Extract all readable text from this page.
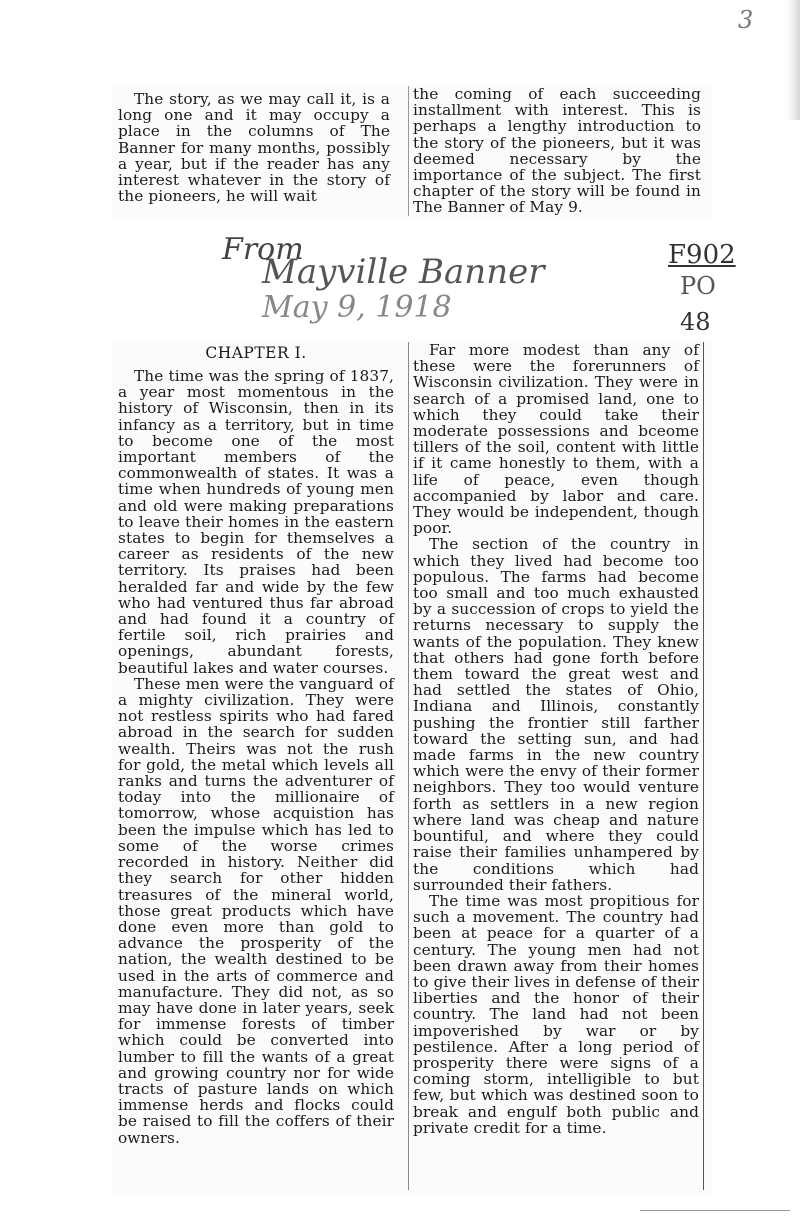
3

The story, as we may call it, is a long one and it may occupy a place in the columns of The Banner for many months, possibly a year, but if the reader has any interest whatever in the story of the pioneers, he will wait

the coming of each succeeding installment with interest. This is perhaps a lengthy introduction to the story of the pioneers, but it was deemed necessary by the importance of the subject. The first chapter of the story will be found in The Banner of May 9.

From
Mayville Banner
May 9, 1918
F902
PO
48
CHAPTER I.

The time was the spring of 1837, a year most momentous in the history of Wisconsin, then in its infancy as a territory, but in time to become one of the most important members of the commonwealth of states. It was a time when hundreds of young men and old were making preparations to leave their homes in the eastern states to begin for themselves a career as residents of the new territory. Its praises had been heralded far and wide by the few who had ventured thus far abroad and had found it a country of fertile soil, rich prairies and openings, abundant forests, beautiful lakes and water courses.

These men were the vanguard of a mighty civilization. They were not restless spirits who had fared abroad in the search for sudden wealth. Theirs was not the rush for gold, the metal which levels all ranks and turns the adventurer of today into the millionaire of tomorrow, whose acquistion has been the impulse which has led to some of the worse crimes recorded in history. Neither did they search for other hidden treasures of the mineral world, those great products which have done even more than gold to advance the prosperity of the nation, the wealth destined to be used in the arts of commerce and manufacture. They did not, as so may have done in later years, seek for immense forests of timber which could be converted into lumber to fill the wants of a great and growing country nor for wide tracts of pasture lands on which immense herds and flocks could be raised to fill the coffers of their owners.

Far more modest than any of these were the forerunners of Wisconsin civilization. They were in search of a promised land, one to which they could take their moderate possessions and bceome tillers of the soil, content with little if it came honestly to them, with a life of peace, even though accompanied by labor and care. They would be independent, though poor.

The section of the country in which they lived had become too populous. The farms had become too small and too much exhausted by a succession of crops to yield the returns necessary to supply the wants of the population. They knew that others had gone forth before them toward the great west and had settled the states of Ohio, Indiana and Illinois, constantly pushing the frontier still farther toward the setting sun, and had made farms in the new country which were the envy of their former neighbors. They too would venture forth as settlers in a new region where land was cheap and nature bountiful, and where they could raise their families unhampered by the conditions which had surrounded their fathers.

The time was most propitious for such a movement. The country had been at peace for a quarter of a century. The young men had not been drawn away from their homes to give their lives in defense of their liberties and the honor of their country. The land had not been impoverished by war or by pestilence. After a long period of prosperity there were signs of a coming storm, intelligible to but few, but which was destined soon to break and engulf both public and private credit for a time.
